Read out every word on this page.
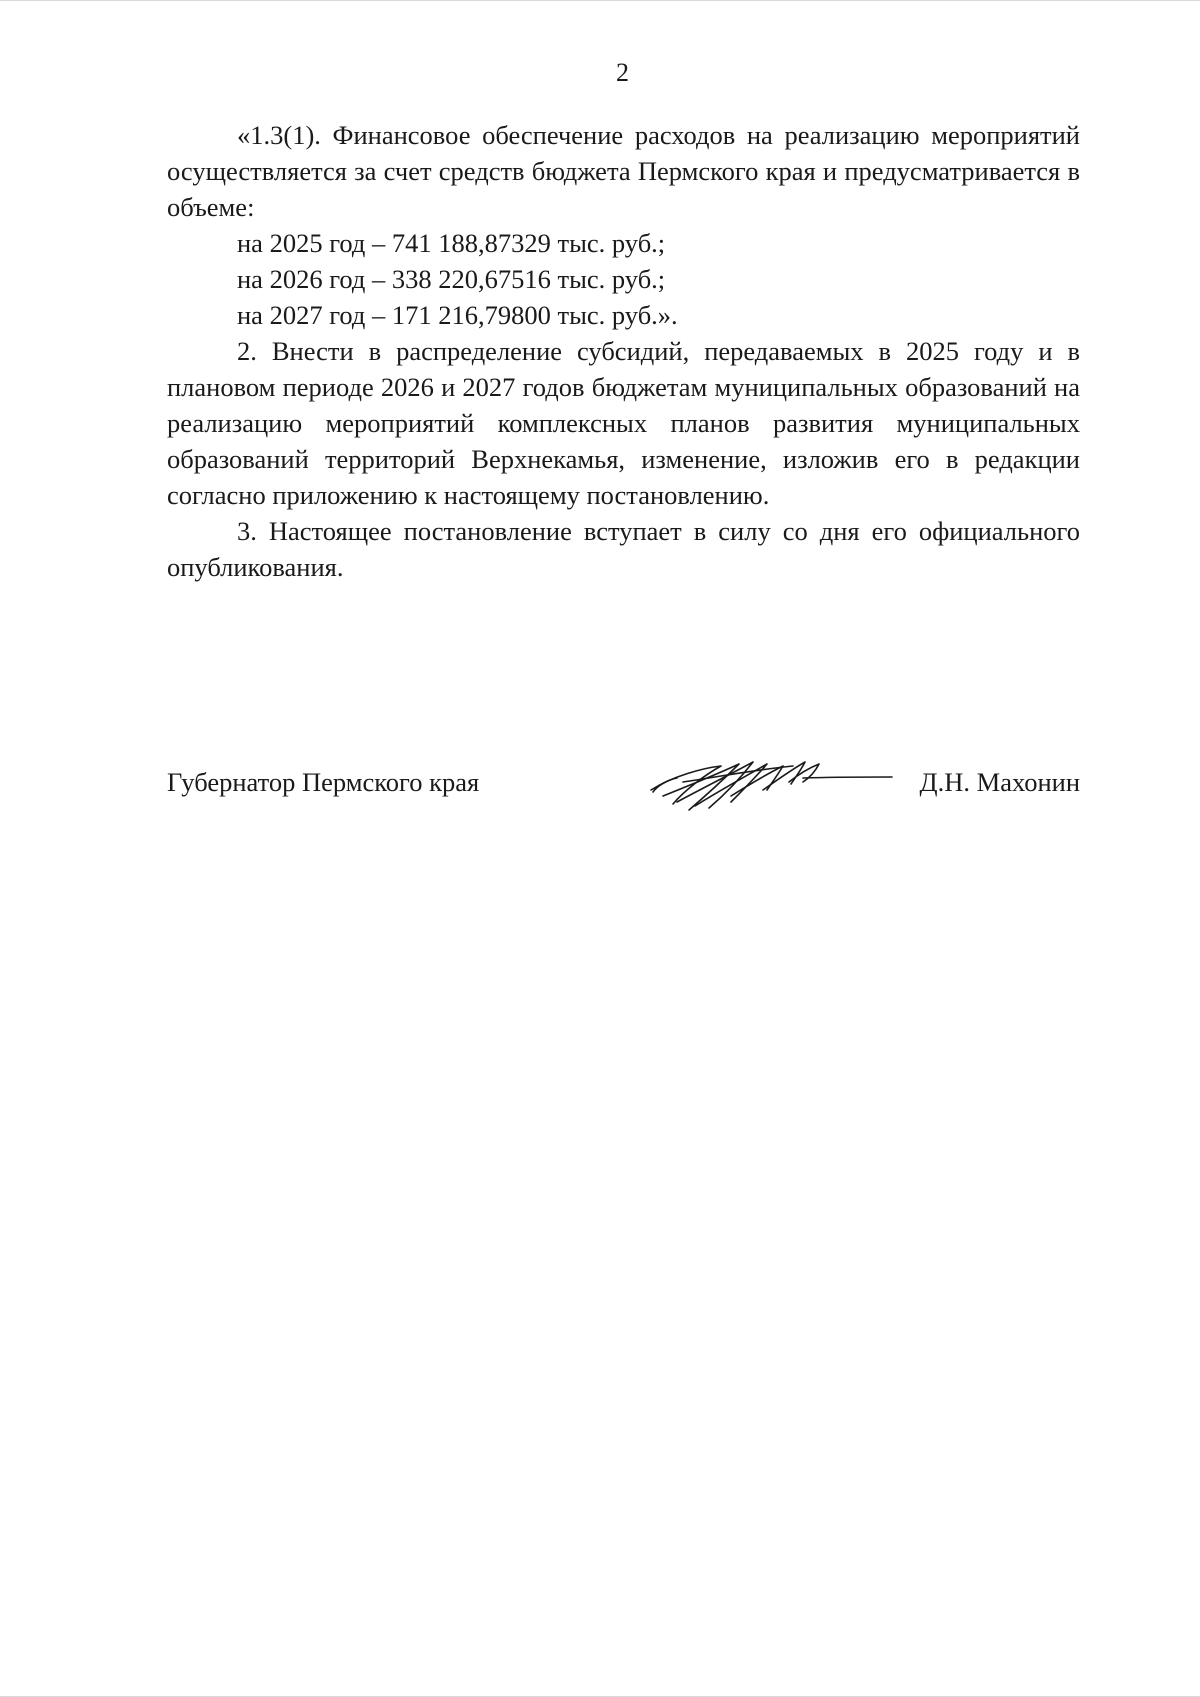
2

«1.3(1). Финансовое обеспечение расходов на реализацию мероприятий осуществляется за счет средств бюджета Пермского края и предусматривается в объеме:

на 2025 год – 741 188,87329 тыс. руб.;

на 2026 год – 338 220,67516 тыс. руб.;

на 2027 год – 171 216,79800 тыс. руб.».

2. Внести в распределение субсидий, передаваемых в 2025 году и в плановом периоде 2026 и 2027 годов бюджетам муниципальных образований на реализацию мероприятий комплексных планов развития муниципальных образований территорий Верхнекамья, изменение, изложив его в редакции согласно приложению к настоящему постановлению.

3. Настоящее постановление вступает в силу со дня его официального опубликования.

Губернатор Пермского края	Д.Н. Махонин
